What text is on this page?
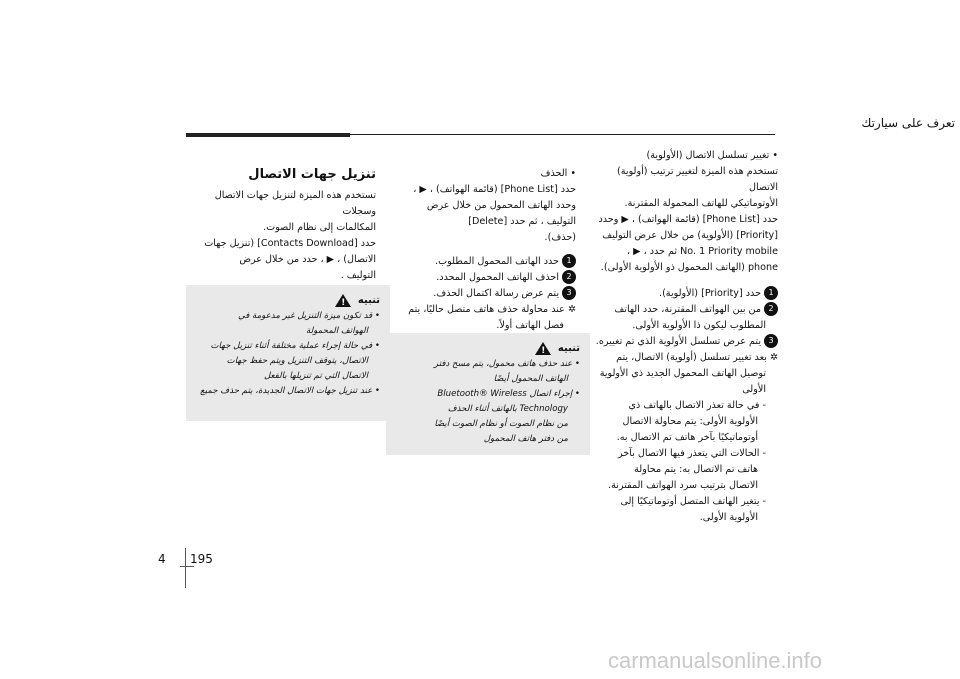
تعرف على سيارتك

• تغيير تسلسل الاتصال (الأولوية)

تستخدم هذه الميزة لتغيير ترتيب (أولوية) الاتصال

الأوتوماتيكي للهاتف المحمولة المقترنة.

حدد [Phone List] (قائمة الهواتف) ، ▶ وحدد

[Priority] (الأولوية) من خلال عرض التوليف

No. 1 Priority mobile ثم حدد ، ▶ ،

phone (الهاتف المحمول ذو الأولوية الأولى).

1حدد [Priority] (الأولوية).

2من بين الهواتف المقترنة، حدد الهاتف

المطلوب ليكون ذا الأولوية الأولى.

3يتم عرض تسلسل الأولوية الذي تم تغييره.

✲ بعد تغيير تسلسل (أولوية) الاتصال، يتم

توصيل الهاتف المحمول الجديد ذي الأولوية

الأولى

- في حالة تعذر الاتصال بالهاتف ذي

الأولوية الأولى: يتم محاولة الاتصال

أوتوماتيكيًا بآخر هاتف تم الاتصال به.

- الحالات التي يتعذر فيها الاتصال بآخر

هاتف تم الاتصال به: يتم محاولة

الاتصال بترتيب سرد الهواتف المقترنة.

- يتغير الهاتف المتصل أوتوماتيكيًا إلى

الأولوية الأولى.

• الحذف

حدد [Phone List] (قائمة الهواتف) ، ▶ ،

وحدد الهاتف المحمول من خلال عرض

التوليف ، ثم حدد [Delete]

(حذف).

1حدد الهاتف المحمول المطلوب.

2احذف الهاتف المحمول المحدد.

3يتم عرض رسالة اكتمال الحذف.

✲ عند محاولة حذف هاتف متصل حاليًا، يتم

فصل الهاتف أولاً.

تنبيه !

• عند حذف هاتف محمول، يتم مسح دفتر

الهاتف المحمول أيضًا

• إجراء اتصال Bluetooth® Wireless

Technology بالهاتف أثناء الحذف

من نظام الصوت أو نظام الصوت أيضًا

من دفتر هاتف المحمول

تنزيل جهات الاتصال

تستخدم هذه الميزة لتنزيل جهات الاتصال وسجلات

المكالمات إلى نظام الصوت.

حدد [Contacts Download] (تنزيل جهات

الاتصال) ، ▶ ، حدد من خلال عرض

التوليف .

تنبيه !

• قد تكون ميزة التنزيل غير مدعومة في

الهواتف المحمولة

• في حالة إجراء عملية مختلفة أثناء تنزيل جهات

الاتصال، يتوقف التنزيل ويتم حفظ جهات

الاتصال التي تم تنزيلها بالفعل

• عند تنزيل جهات الاتصال الجديدة، يتم حذف جميع

4 195
carmanualsonline.info
